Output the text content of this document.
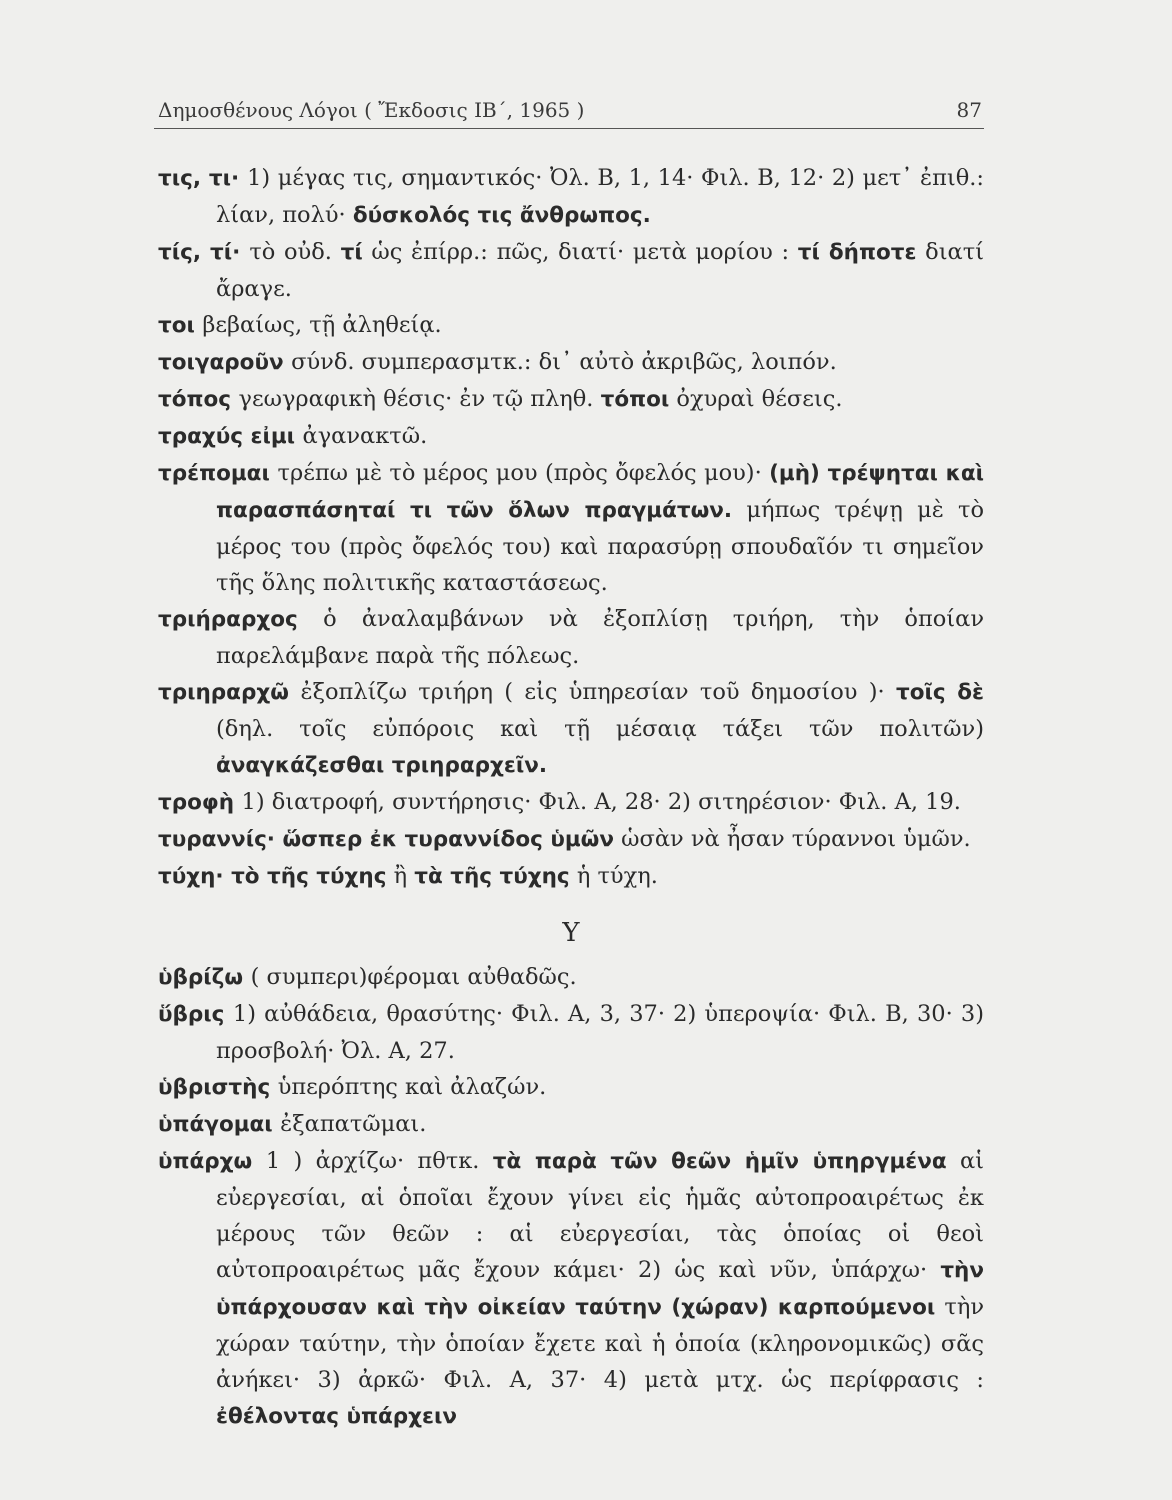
Δημοσθένους Λόγοι ( Ἔκδοσις ΙΒ΄, 1965 )	87
τις, τι· 1) μέγας τις, σημαντικός· Ὀλ. Β, 1, 14· Φιλ. Β, 12· 2) μετ᾽ ἐπιθ.: λίαν, πολύ· δύσκολός τις ἄνθρωπος.
τίς, τί· τὸ οὐδ. τί ὡς ἐπίρρ.: πῶς, διατί· μετὰ μορίου : τί δήποτε διατί ἄραγε.
τοι βεβαίως, τῇ ἀληθείᾳ.
τοιγαροῦν σύνδ. συμπερασμτκ.: δι᾽ αὐτὸ ἀκριβῶς, λοιπόν.
τόπος γεωγραφικὴ θέσις· ἐν τῷ πληθ. τόποι ὀχυραὶ θέσεις.
τραχύς εἰμι ἀγανακτῶ.
τρέπομαι τρέπω μὲ τὸ μέρος μου (πρὸς ὄφελός μου)· (μὴ) τρέψηται καὶ παρασπάσηταί τι τῶν ὅλων πραγμάτων. μήπως τρέψῃ μὲ τὸ μέρος του (πρὸς ὄφελός του) καὶ παρασύρῃ σπουδαῖόν τι σημεῖον τῆς ὅλης πολιτικῆς καταστάσεως.
τριήραρχος ὁ ἀναλαμβάνων νὰ ἐξοπλίσῃ τριήρη, τὴν ὁποίαν παρελάμβανε παρὰ τῆς πόλεως.
τριηραρχῶ ἐξοπλίζω τριήρη ( εἰς ὑπηρεσίαν τοῦ δημοσίου )· τοῖς δὲ (δηλ. τοῖς εὐπόροις καὶ τῇ μέσαιᾳ τάξει τῶν πολιτῶν) ἀναγκάζεσθαι τριηραρχεῖν.
τροφὴ 1) διατροφή, συντήρησις· Φιλ. Α, 28· 2) σιτηρέσιον· Φιλ. Α, 19.
τυραννίς· ὥσπερ ἐκ τυραννίδος ὑμῶν ὡσὰν νὰ ἦσαν τύραννοι ὑμῶν.
τύχη· τὸ τῆς τύχης ἢ τὰ τῆς τύχης ἡ τύχη.
Υ
ὑβρίζω ( συμπερι)φέρομαι αὐθαδῶς.
ὕβρις 1) αὐθάδεια, θρασύτης· Φιλ. Α, 3, 37· 2) ὑπεροψία· Φιλ. Β, 30· 3) προσβολή· Ὀλ. Α, 27.
ὑβριστὴς ὑπερόπτης καὶ ἀλαζών.
ὑπάγομαι ἐξαπατῶμαι.
ὑπάρχω 1 ) ἀρχίζω· πθτκ. τὰ παρὰ τῶν θεῶν ἡμῖν ὑπηργμένα αἱ εὐεργεσίαι, αἱ ὁποῖαι ἔχουν γίνει εἰς ἡμᾶς αὐτοπροαιρέτως ἐκ μέρους τῶν θεῶν : αἱ εὐεργεσίαι, τὰς ὁποίας οἱ θεοὶ αὐτοπροαιρέτως μᾶς ἔχουν κάμει· 2) ὡς καὶ νῦν, ὑπάρχω· τὴν ὑπάρχουσαν καὶ τὴν οἰκείαν ταύτην (χώραν) καρπούμενοι τὴν χώραν ταύτην, τὴν ὁποίαν ἔχετε καὶ ἡ ὁποία (κληρονομικῶς) σᾶς ἀνήκει· 3) ἀρκῶ· Φιλ. Α, 37· 4) μετὰ μτχ. ὡς περίφρασις : ἐθέλοντας ὑπάρχειν
